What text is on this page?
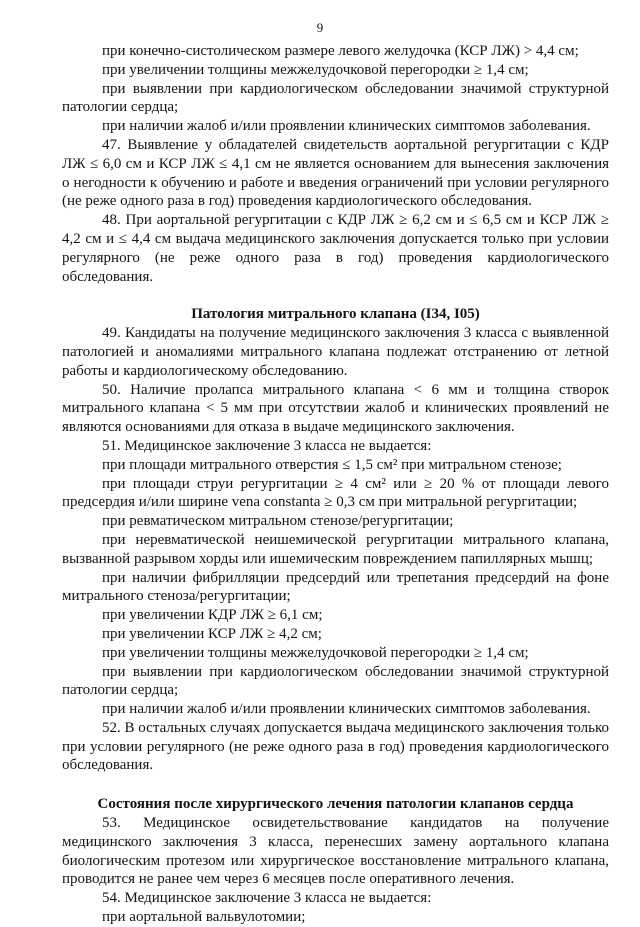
9

при конечно-систолическом размере левого желудочка (КСР ЛЖ) > 4,4 см;

при увеличении толщины межжелудочковой перегородки ≥ 1,4 см;

при выявлении при кардиологическом обследовании значимой структурной патологии сердца;

при наличии жалоб и/или проявлении клинических симптомов заболевания.

47. Выявление у обладателей свидетельств аортальной регургитации с КДР ЛЖ ≤ 6,0 см и КСР ЛЖ ≤ 4,1 см не является основанием для вынесения заключения о негодности к обучению и работе и введения ограничений при условии регулярного (не реже одного раза в год) проведения кардиологического обследования.

48. При аортальной регургитации с КДР ЛЖ ≥ 6,2 см и ≤ 6,5 см и КСР ЛЖ ≥ 4,2 см и ≤ 4,4 см выдача медицинского заключения допускается только при условии регулярного (не реже одного раза в год) проведения кардиологического обследования.

Патология митрального клапана (I34, I05)

49. Кандидаты на получение медицинского заключения 3 класса с выявленной патологией и аномалиями митрального клапана подлежат отстранению от летной работы и кардиологическому обследованию.

50. Наличие пролапса митрального клапана < 6 мм и толщина створок митрального клапана < 5 мм при отсутствии жалоб и клинических проявлений не являются основаниями для отказа в выдаче медицинского заключения.

51. Медицинское заключение 3 класса не выдается:

при площади митрального отверстия ≤ 1,5 см² при митральном стенозе;

при площади струи регургитации ≥ 4 см² или ≥ 20 % от площади левого предсердия и/или ширине vena constanta ≥ 0,3 см при митральной регургитации;

при ревматическом митральном стенозе/регургитации;

при неревматической неишемической регургитации митрального клапана, вызванной разрывом хорды или ишемическим повреждением папиллярных мышц;

при наличии фибрилляции предсердий или трепетания предсердий на фоне митрального стеноза/регургитации;

при увеличении КДР ЛЖ ≥ 6,1 см;

при увеличении КСР ЛЖ ≥ 4,2 см;

при увеличении толщины межжелудочковой перегородки ≥ 1,4 см;

при выявлении при кардиологическом обследовании значимой структурной патологии сердца;

при наличии жалоб и/или проявлении клинических симптомов заболевания.

52. В остальных случаях допускается выдача медицинского заключения только при условии регулярного (не реже одного раза в год) проведения кардиологического обследования.

Состояния после хирургического лечения патологии клапанов сердца

53. Медицинское освидетельствование кандидатов на получение медицинского заключения 3 класса, перенесших замену аортального клапана биологическим протезом или хирургическое восстановление митрального клапана, проводится не ранее чем через 6 месяцев после оперативного лечения.

54. Медицинское заключение 3 класса не выдается:

при аортальной вальвулотомии;
